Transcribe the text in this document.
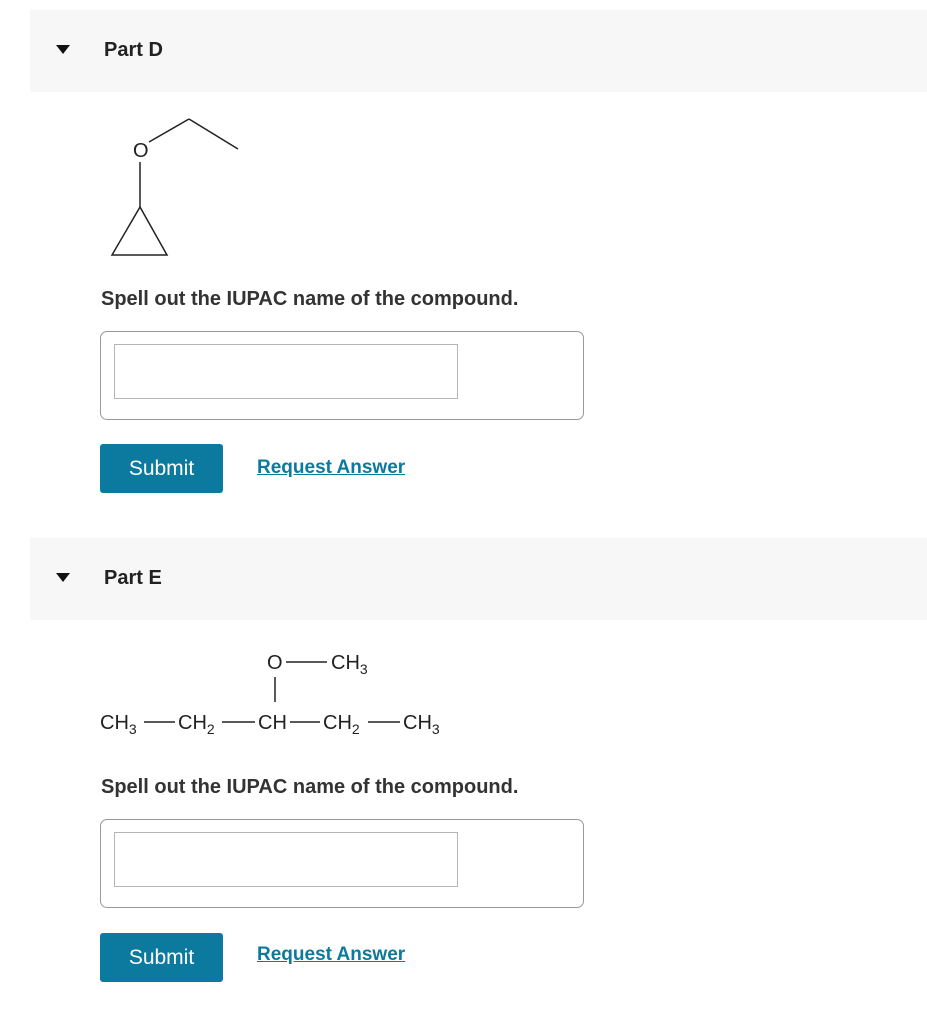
Part D
O
Spell out the IUPAC name of the compound.
Submit	Request Answer
Part E
O $CH_3$
$CH_3$ $CH_2$ CH $CH_2$ $CH_3$
Spell out the IUPAC name of the compound.
Submit	Request Answer
